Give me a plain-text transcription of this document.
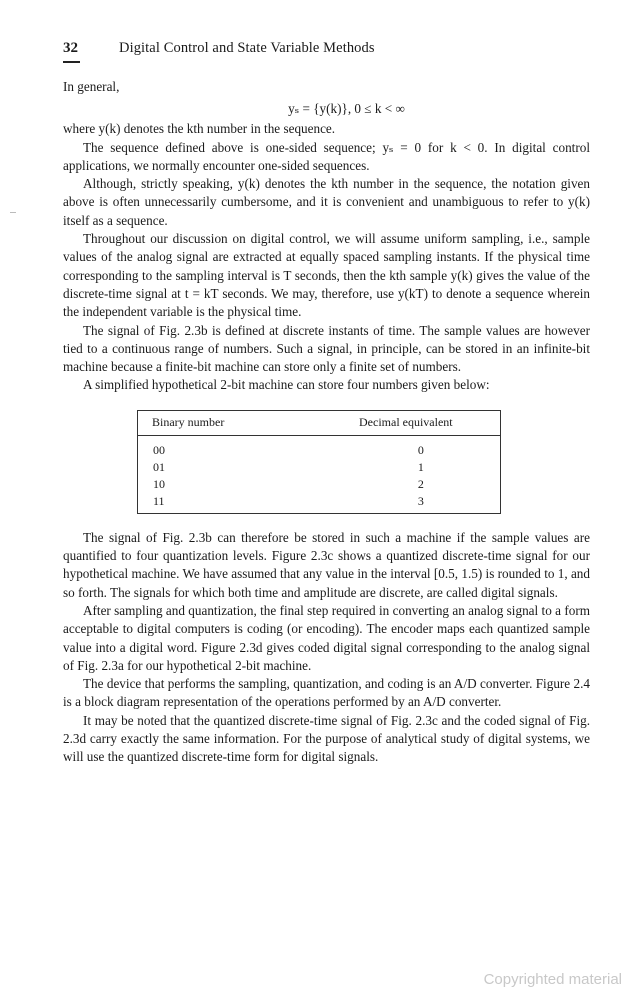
32	Digital Control and State Variable Methods

In general,

yₛ = {y(k)}, 0 ≤ k < ∞

where y(k) denotes the kth number in the sequence.

The sequence defined above is one-sided sequence; yₛ = 0 for k < 0. In digital control applications, we normally encounter one-sided sequences.

Although, strictly speaking, y(k) denotes the kth number in the sequence, the notation given above is often unnecessarily cumbersome, and it is convenient and unambiguous to refer to y(k) itself as a sequence.

Throughout our discussion on digital control, we will assume uniform sampling, i.e., sample values of the analog signal are extracted at equally spaced sampling instants. If the physical time corresponding to the sampling interval is T seconds, then the kth sample y(k) gives the value of the discrete-time signal at t = kT seconds. We may, therefore, use y(kT) to denote a sequence wherein the independent variable is the physical time.

The signal of Fig. 2.3b is defined at discrete instants of time. The sample values are however tied to a continuous range of numbers. Such a signal, in principle, can be stored in an infinite-bit machine because a finite-bit machine can store only a finite set of numbers.

A simplified hypothetical 2-bit machine can store four numbers given below:

Binary number	Decimal equivalent
00	0
01	1
10	2
11	3

The signal of Fig. 2.3b can therefore be stored in such a machine if the sample values are quantified to four quantization levels. Figure 2.3c shows a quantized discrete-time signal for our hypothetical machine. We have assumed that any value in the interval [0.5, 1.5) is rounded to 1, and so forth. The signals for which both time and amplitude are discrete, are called digital signals.

After sampling and quantization, the final step required in converting an analog signal to a form acceptable to digital computers is coding (or encoding). The encoder maps each quantized sample value into a digital word. Figure 2.3d gives coded digital signal corresponding to the analog signal of Fig. 2.3a for our hypothetical 2-bit machine.

The device that performs the sampling, quantization, and coding is an A/D converter. Figure 2.4 is a block diagram representation of the operations performed by an A/D converter.

It may be noted that the quantized discrete-time signal of Fig. 2.3c and the coded signal of Fig. 2.3d carry exactly the same information. For the purpose of analytical study of digital systems, we will use the quantized discrete-time form for digital signals.

Copyrighted material
